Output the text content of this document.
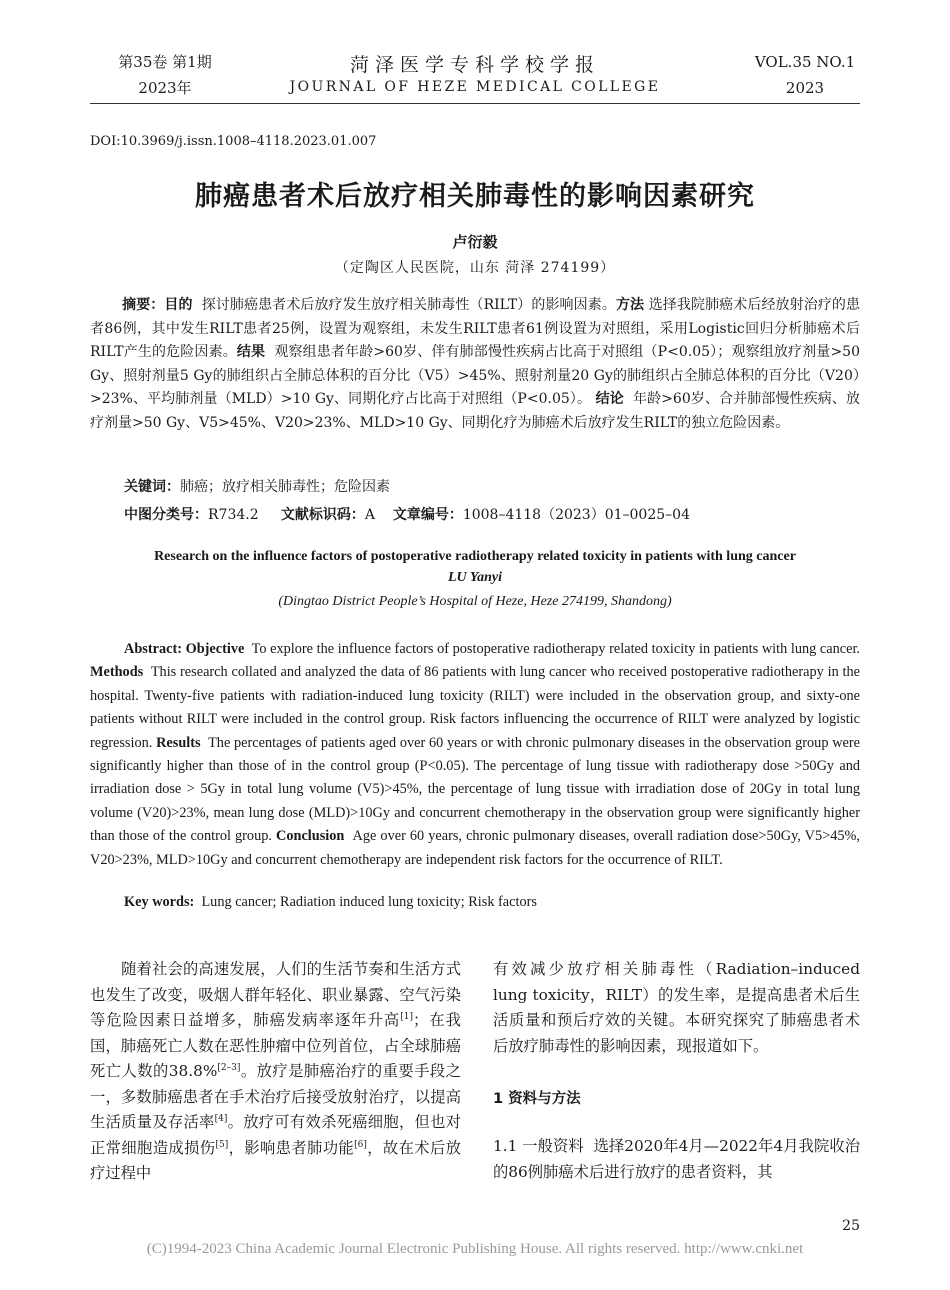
第35卷 第1期
2023年
菏泽医学专科学校学报
JOURNAL OF HEZE MEDICAL COLLEGE
VOL.35 NO.1
2023
DOI:10.3969/j.issn.1008–4118.2023.01.007
肺癌患者术后放疗相关肺毒性的影响因素研究
卢衍毅
（定陶区人民医院，山东 菏泽 274199）
摘要：目的 探讨肺癌患者术后放疗发生放疗相关肺毒性（RILT）的影响因素。方法 选择我院肺癌术后经放射治疗的患者86例，其中发生RILT患者25例，设置为观察组，未发生RILT患者61例设置为对照组，采用Logistic回归分析肺癌术后RILT产生的危险因素。结果 观察组患者年龄>60岁、伴有肺部慢性疾病占比高于对照组（P<0.05）；观察组放疗剂量>50 Gy、照射剂量5 Gy的肺组织占全肺总体积的百分比（V5）>45%、照射剂量20 Gy的肺组织占全肺总体积的百分比（V20）>23%、平均肺剂量（MLD）>10 Gy、同期化疗占比高于对照组（P<0.05）。 结论 年龄>60岁、合并肺部慢性疾病、放疗剂量>50 Gy、V5>45%、V20>23%、MLD>10 Gy、同期化疗为肺癌术后放疗发生RILT的独立危险因素。
关键词：肺癌；放疗相关肺毒性；危险因素
中图分类号：R734.2 文献标识码：A 文章编号：1008–4118（2023）01–0025–04
Research on the influence factors of postoperative radiotherapy related toxicity in patients with lung cancer
LU Yanyi
(Dingtao District People’s Hospital of Heze, Heze 274199, Shandong)
Abstract: Objective To explore the influence factors of postoperative radiotherapy related toxicity in patients with lung cancer. Methods This research collated and analyzed the data of 86 patients with lung cancer who received postoperative radiotherapy in the hospital. Twenty-five patients with radiation-induced lung toxicity (RILT) were included in the observation group, and sixty-one patients without RILT were included in the control group. Risk factors influencing the occurrence of RILT were analyzed by logistic regression. Results The percentages of patients aged over 60 years or with chronic pulmonary diseases in the observation group were significantly higher than those of in the control group (P<0.05). The percentage of lung tissue with radiotherapy dose >50Gy and irradiation dose > 5Gy in total lung volume (V5)>45%, the percentage of lung tissue with irradiation dose of 20Gy in total lung volume (V20)>23%, mean lung dose (MLD)>10Gy and concurrent chemotherapy in the observation group were significantly higher than those of the control group. Conclusion Age over 60 years, chronic pulmonary diseases, overall radiation dose>50Gy, V5>45%, V20>23%, MLD>10Gy and concurrent chemotherapy are independent risk factors for the occurrence of RILT.
Key words: Lung cancer; Radiation induced lung toxicity; Risk factors
随着社会的高速发展，人们的生活节奏和生活方式也发生了改变，吸烟人群年轻化、职业暴露、空气污染等危险因素日益增多，肺癌发病率逐年升高[1]；在我国，肺癌死亡人数在恶性肿瘤中位列首位，占全球肺癌死亡人数的38.8%[2–3]。放疗是肺癌治疗的重要手段之一，多数肺癌患者在手术治疗后接受放射治疗，以提高生活质量及存活率[4]。放疗可有效杀死癌细胞，但也对正常细胞造成损伤[5]，影响患者肺功能[6]，故在术后放疗过程中
有效减少放疗相关肺毒性（Radiation–induced lung toxicity，RILT）的发生率，是提高患者术后生活质量和预后疗效的关键。本研究探究了肺癌患者术后放疗肺毒性的影响因素，现报道如下。
1 资料与方法
1.1 一般资料 选择2020年4月—2022年4月我院收治的86例肺癌术后进行放疗的患者资料，其
25
(C)1994-2023 China Academic Journal Electronic Publishing House. All rights reserved. http://www.cnki.net
